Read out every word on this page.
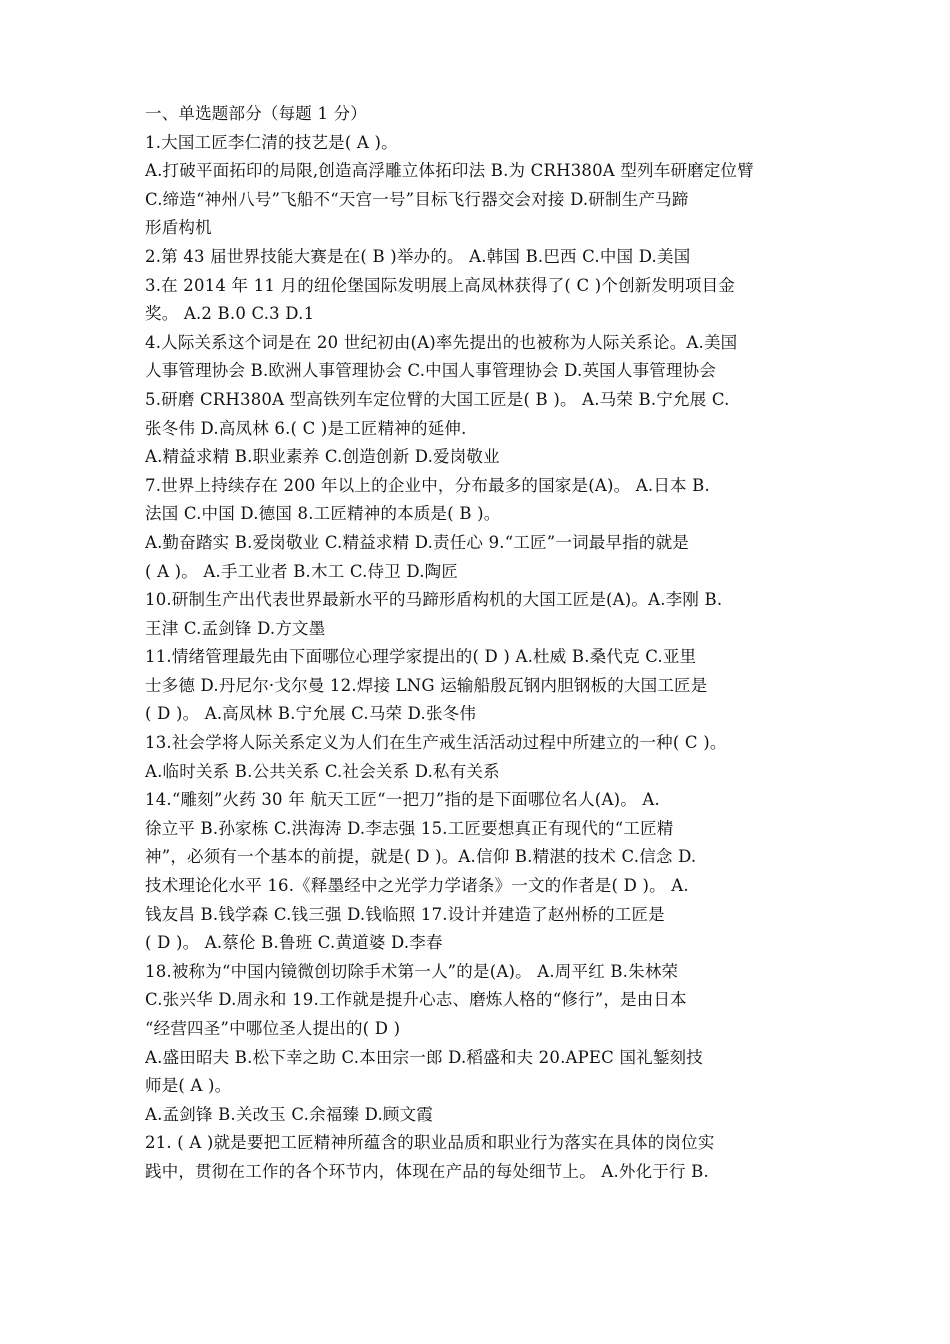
一、单选题部分（每题 1 分）
1.大国工匠李仁清的技艺是( A )。
A.打破平面拓印的局限,创造高浮雕立体拓印法 B.为 CRH380A 型列车研磨定位臂
C.缔造“神州八号”飞船不“天宫一号”目标飞行器交会对接 D.研制生产马蹄
形盾构机
2.第 43 届世界技能大赛是在( B )举办的。 A.韩国 B.巴西 C.中国 D.美国
3.在 2014 年 11 月的纽伦堡国际发明展上高凤林获得了( C )个创新发明项目金
奖。 A.2 B.0 C.3 D.1
4.人际关系这个词是在 20 世纪初由(A)率先提出的也被称为人际关系论。A.美国
人事管理协会 B.欧洲人事管理协会 C.中国人事管理协会 D.英国人事管理协会
5.研磨 CRH380A 型高铁列车定位臂的大国工匠是( B )。 A.马荣 B.宁允展 C.
张冬伟 D.高凤林 6.( C )是工匠精神的延伸.
A.精益求精 B.职业素养 C.创造创新 D.爱岗敬业
7.世界上持续存在 200 年以上的企业中，分布最多的国家是(A)。 A.日本 B.
法国 C.中国 D.德国 8.工匠精神的本质是( B )。
A.勤奋踏实 B.爱岗敬业 C.精益求精 D.责任心 9.“工匠”一词最早指的就是
( A )。 A.手工业者 B.木工 C.侍卫 D.陶匠
10.研制生产出代表世界最新水平的马蹄形盾构机的大国工匠是(A)。A.李刚 B.
王津 C.孟剑锋 D.方文墨
11.情绪管理最先由下面哪位心理学家提出的( D ) A.杜威 B.桑代克 C.亚里
士多德 D.丹尼尔·戈尔曼 12.焊接 LNG 运输船殷瓦钢内胆钢板的大国工匠是
( D )。 A.高凤林 B.宁允展 C.马荣 D.张冬伟
13.社会学将人际关系定义为人们在生产戒生活活动过程中所建立的一种( C )。
A.临时关系 B.公共关系 C.社会关系 D.私有关系
14.“雕刻”火药 30 年 航天工匠“一把刀”指的是下面哪位名人(A)。 A.
徐立平 B.孙家栋 C.洪海涛 D.李志强 15.工匠要想真正有现代的“工匠精
神”，必须有一个基本的前提，就是( D )。A.信仰 B.精湛的技术 C.信念 D.
技术理论化水平 16.《释墨经中之光学力学诸条》一文的作者是( D )。 A.
钱友昌 B.钱学森 C.钱三强 D.钱临照 17.设计并建造了赵州桥的工匠是
( D )。 A.蔡伦 B.鲁班 C.黄道婆 D.李春
18.被称为“中国内镜微创切除手术第一人”的是(A)。 A.周平红 B.朱林荣
C.张兴华 D.周永和 19.工作就是提升心志、磨炼人格的“修行”，是由日本
“经营四圣”中哪位圣人提出的( D )
A.盛田昭夫 B.松下幸之助 C.本田宗一郎 D.稻盛和夫 20.APEC 国礼錾刻技
师是( A )。
A.孟剑锋 B.关改玉 C.余福臻 D.顾文霞
21. ( A )就是要把工匠精神所蕴含的职业品质和职业行为落实在具体的岗位实
践中，贯彻在工作的各个环节内，体现在产品的每处细节上。 A.外化于行 B.
